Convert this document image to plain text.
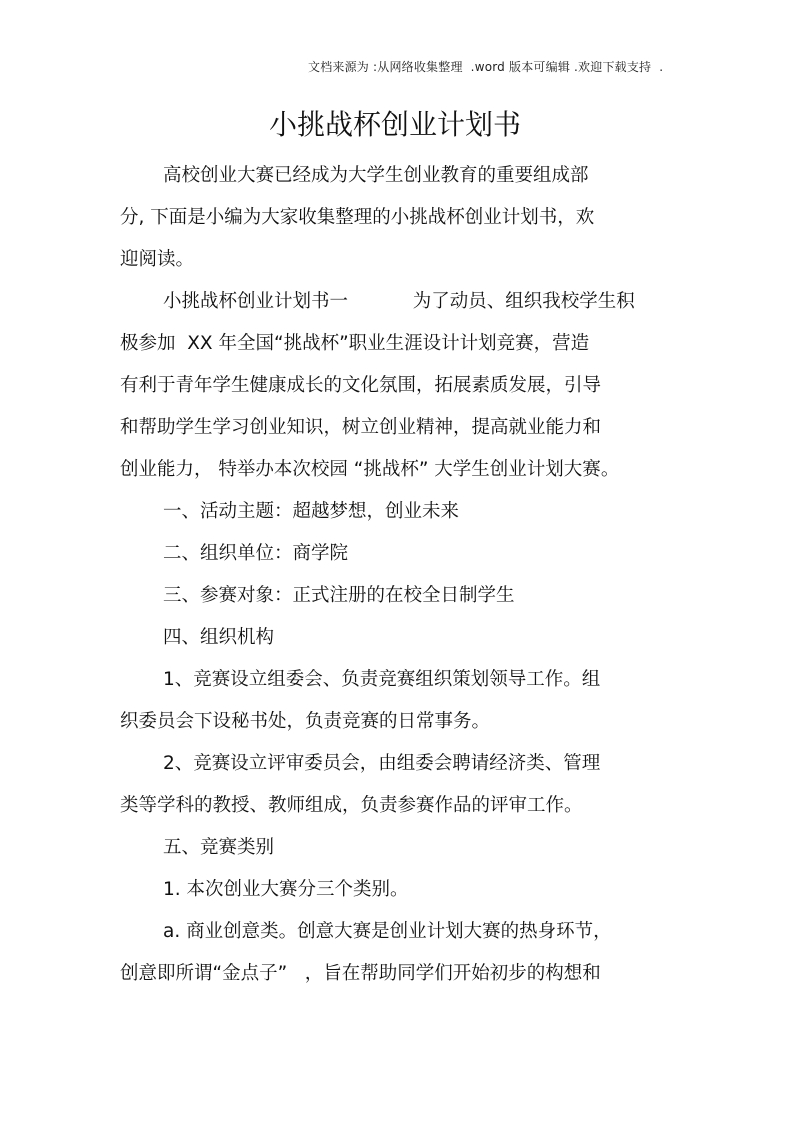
文档来源为 :从网络收集整理  .word 版本可编辑 .欢迎下载支持  .
小挑战杯创业计划书
高校创业大赛已经成为大学生创业教育的重要组成部
分, 下面是小编为大家收集整理的小挑战杯创业计划书，欢
迎阅读。
小挑战杯创业计划书一           为了动员、组织我校学生积
极参加  XX 年全国“挑战杯”职业生涯设计计划竞赛，营造
有利于青年学生健康成长的文化氛围，拓展素质发展，引导
和帮助学生学习创业知识，树立创业精神，提高就业能力和
创业能力， 特举办本次校园 “挑战杯” 大学生创业计划大赛。
一、活动主题：超越梦想，创业未来
二、组织单位：商学院
三、参赛对象：正式注册的在校全日制学生
四、组织机构
1、竞赛设立组委会、负责竞赛组织策划领导工作。组
织委员会下设秘书处，负责竞赛的日常事务。
2、竞赛设立评审委员会，由组委会聘请经济类、管理
类等学科的教授、教师组成，负责参赛作品的评审工作。
五、竞赛类别
1. 本次创业大赛分三个类别。
a. 商业创意类。创意大赛是创业计划大赛的热身环节，
创意即所谓“金点子”   ，旨在帮助同学们开始初步的构想和
